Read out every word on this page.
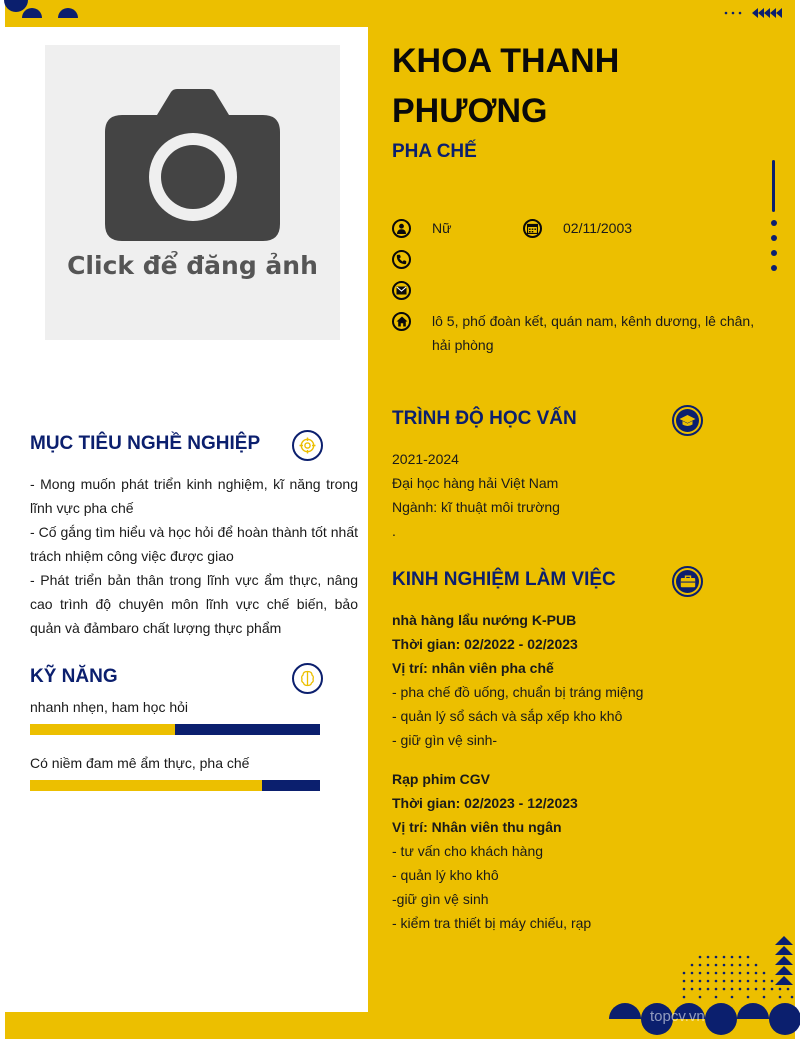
Click để đăng ảnh
KHOA THANH PHƯƠNG
PHA CHẾ
Nữ	02/11/2003
lô 5, phố đoàn kết, quán nam, kênh dương, lê chân, hải phòng
MỤC TIÊU NGHỀ NGHIỆP

- Mong muốn phát triển kinh nghiệm, kĩ năng trong lĩnh vực pha chế

- Cố gắng tìm hiểu và học hỏi để hoàn thành tốt nhất trách nhiệm công việc được giao

- Phát triển bản thân trong lĩnh vực ẩm thực, nâng cao trình độ chuyên môn lĩnh vực chế biến, bảo quản và đảmbaro chất lượng thực phẩm

KỸ NĂNG
nhanh nhẹn, ham học hỏi
Có niềm đam mê ẩm thực, pha chế
TRÌNH ĐỘ HỌC VẤN
2021-2024
Đại học hàng hải Việt Nam
Ngành: kĩ thuật môi trường
.
KINH NGHIỆM LÀM VIỆC
nhà hàng lẩu nướng K-PUB
Thời gian: 02/2022 - 02/2023
Vị trí: nhân viên pha chế
- pha chế đồ uống, chuẩn bị tráng miệng
- quản lý sổ sách và sắp xếp kho khô
- giữ gìn vệ sinh-
Rạp phim CGV
Thời gian: 02/2023 - 12/2023
Vị trí: Nhân viên thu ngân
- tư vấn cho khách hàng
- quản lý kho khô
-giữ gìn vệ sinh
- kiểm tra thiết bị máy chiếu, rạp
topcv.vn
